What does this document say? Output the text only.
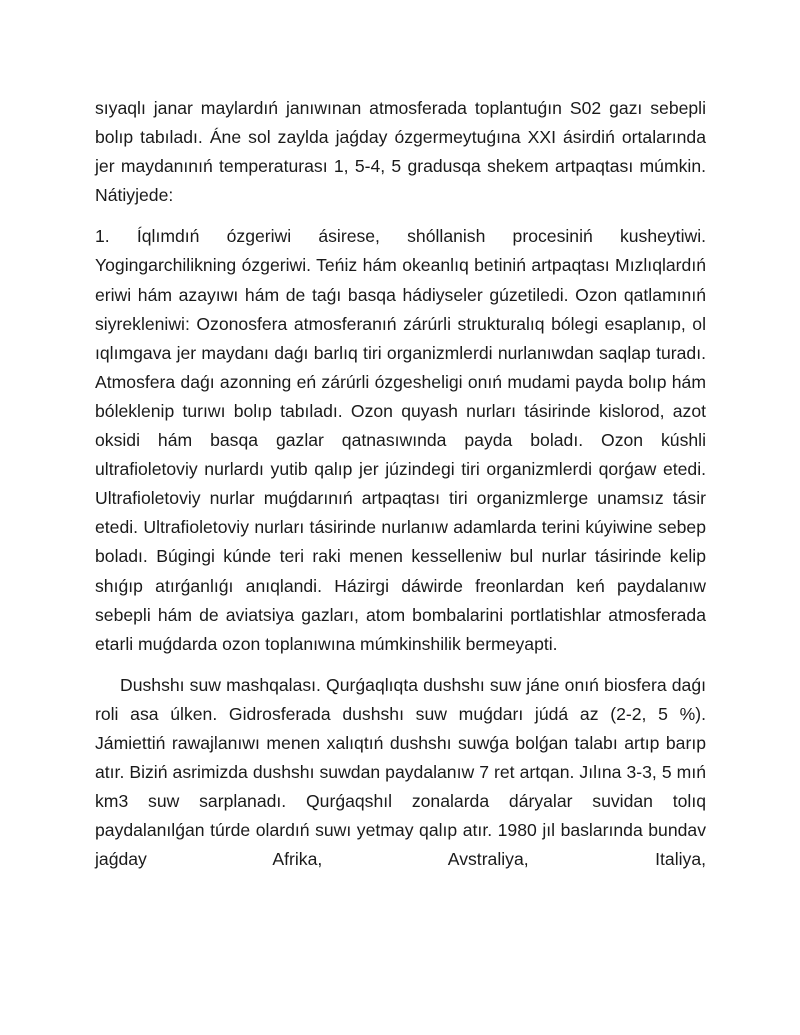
sıyaqlı janar maylardıń janıwınan atmosferada toplantuǵın S02 gazı sebepli bolıp tabıladı. Áne sol zaylda jaǵday ózgermeytuǵına XXI ásirdiń ortalarında jer maydanınıń temperaturası 1, 5-4, 5 gradusqa shekem artpaqtası múmkin. Nátiyjede:

1. Íqlımdıń ózgeriwi ásirese, shóllanish procesiniń kusheytiwi. Yogingarchilikning ózgeriwi. Teńiz hám okeanlıq betiniń artpaqtası Mızlıqlardıń eriwi hám azayıwı hám de taǵı basqa hádiyseler gúzetiledi. Ozon qatlamınıń siyrekleniwi: Ozonosfera atmosferanıń zárúrli strukturalıq bólegi esaplanıp, ol ıqlımgava jer maydanı daǵı barlıq tiri organizmlerdi nurlanıwdan saqlap turadı. Atmosfera daǵı azonning eń zárúrli ózgesheligi onıń mudami payda bolıp hám bóleklenip turıwı bolıp tabıladı. Ozon quyash nurları tásirinde kislorod, azot oksidi hám basqa gazlar qatnasıwında payda boladı. Ozon kúshli ultrafioletoviy nurlardı yutib qalıp jer júzindegi tiri organizmlerdi qorǵaw etedi. Ultrafioletoviy nurlar muǵdarınıń artpaqtası tiri organizmlerge unamsız tásir etedi. Ultrafioletoviy nurları tásirinde nurlanıw adamlarda terini kúyiwine sebep boladı. Búgingi kúnde teri raki menen kesselleniw bul nurlar tásirinde kelip shıǵıp atırǵanlıǵı anıqlandi. Házirgi dáwirde freonlardan keń paydalanıw sebepli hám de aviatsiya gazları, atom bombalarini portlatishlar atmosferada etarli muǵdarda ozon toplanıwına múmkinshilik bermeyapti.

Dushshı suw mashqalası. Qurǵaqlıqta dushshı suw jáne onıń biosfera daǵı roli asa úlken. Gidrosferada dushshı suw muǵdarı júdá az (2-2, 5 %). Jámiettiń rawajlanıwı menen xalıqtıń dushshı suwǵa bolǵan talabı artıp barıp atır. Biziń asrimizda dushshı suwdan paydalanıw 7 ret artqan. Jılına 3-3, 5 mıń km3 suw sarplanadı. Qurǵaqshıl zonalarda dáryalar suvidan tolıq paydalanılǵan túrde olardıń suwı yetmay qalıp atır. 1980 jıl baslarında bundav jaǵday Afrika, Avstraliya, Italiya,
